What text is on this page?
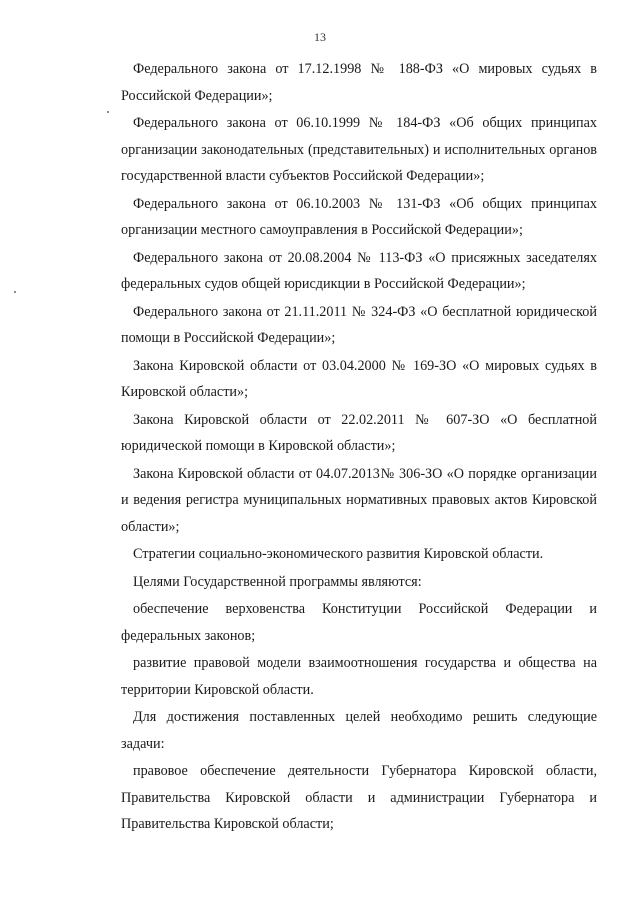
13

Федерального закона от 17.12.1998 № 188-ФЗ «О мировых судьях в Российской Федерации»;

Федерального закона от 06.10.1999 № 184-ФЗ «Об общих принципах организации законодательных (представительных) и исполнительных органов государственной власти субъектов Российской Федерации»;

Федерального закона от 06.10.2003 № 131-ФЗ «Об общих принципах организации местного самоуправления в Российской Федерации»;

Федерального закона от 20.08.2004 № 113-ФЗ «О присяжных заседателях федеральных судов общей юрисдикции в Российской Федерации»;

Федерального закона от 21.11.2011 № 324-ФЗ «О бесплатной юридической помощи в Российской Федерации»;

Закона Кировской области от 03.04.2000 № 169-ЗО «О мировых судьях в Кировской области»;

Закона Кировской области от 22.02.2011 № 607-ЗО «О бесплатной юридической помощи в Кировской области»;

Закона Кировской области от 04.07.2013№ 306-ЗО «О порядке организации и ведения регистра муниципальных нормативных правовых актов Кировской области»;

Стратегии социально-экономического развития Кировской области.

Целями Государственной программы являются:

обеспечение верховенства Конституции Российской Федерации и федеральных законов;

развитие правовой модели взаимоотношения государства и общества на территории Кировской области.

Для достижения поставленных целей необходимо решить следующие задачи:

правовое обеспечение деятельности Губернатора Кировской области, Правительства Кировской области и администрации Губернатора и Правительства Кировской области;
